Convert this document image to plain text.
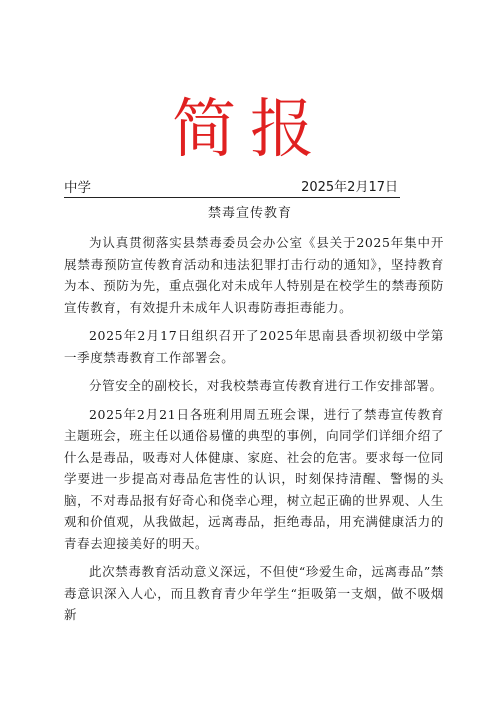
简报
中学	2025年2月17日
禁毒宣传教育

为认真贯彻落实县禁毒委员会办公室《县关于2025年集中开展禁毒预防宣传教育活动和违法犯罪打击行动的通知》，坚持教育为本、预防为先，重点强化对未成年人特别是在校学生的禁毒预防宣传教育，有效提升未成年人识毒防毒拒毒能力。

2025年2月17日组织召开了2025年思南县香坝初级中学第一季度禁毒教育工作部署会。

分管安全的副校长，对我校禁毒宣传教育进行工作安排部署。

2025年2月21日各班利用周五班会课，进行了禁毒宣传教育主题班会，班主任以通俗易懂的典型的事例，向同学们详细介绍了什么是毒品，吸毒对人体健康、家庭、社会的危害。要求每一位同学要进一步提高对毒品危害性的认识，时刻保持清醒、警惕的头脑，不对毒品报有好奇心和侥幸心理，树立起正确的世界观、人生观和价值观，从我做起，远离毒品，拒绝毒品，用充满健康活力的青春去迎接美好的明天。

此次禁毒教育活动意义深远，不但使“珍爱生命，远离毒品”禁毒意识深入人心，而且教育青少年学生“拒吸第一支烟，做不吸烟新
